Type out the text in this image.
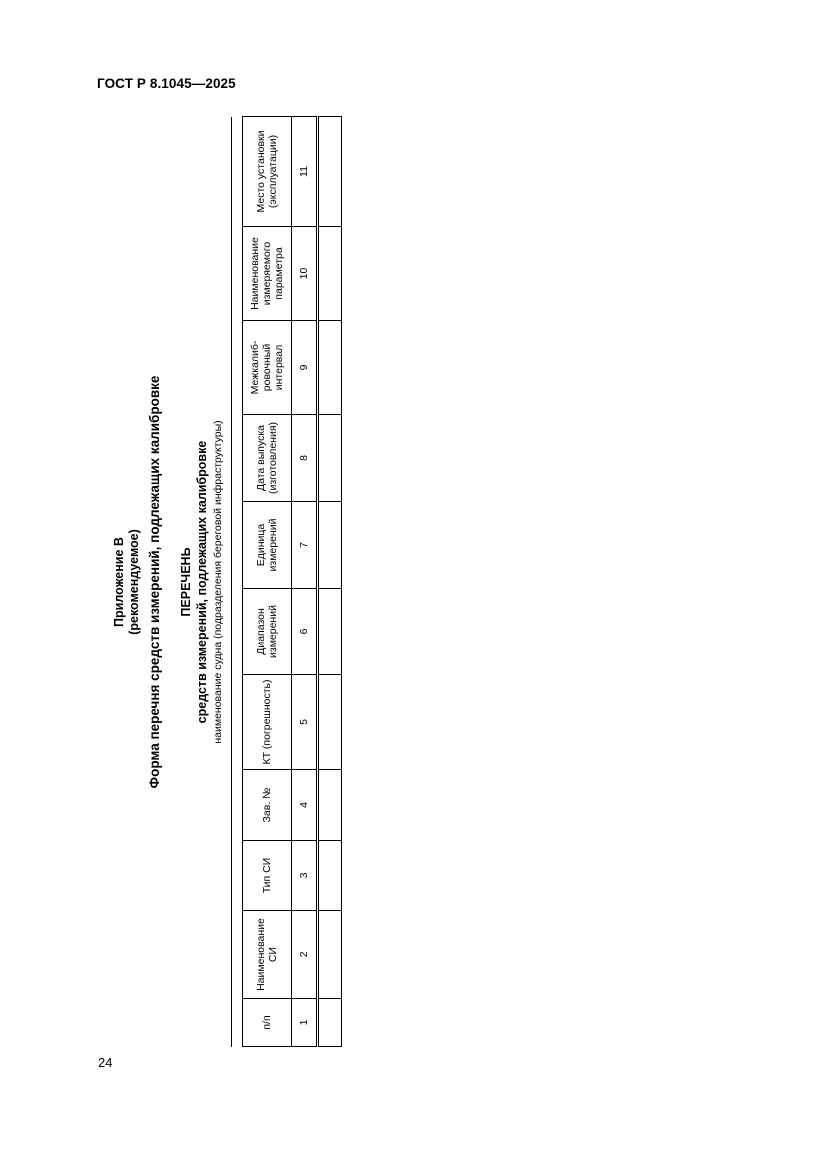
ГОСТ Р 8.1045—2025
Приложение В (рекомендуемое) Форма перечня средств измерений, подлежащих калибровке ПЕРЕЧЕНЬ средств измерений, подлежащих калибровке наименование судна (подразделения береговой инфраструктуры)
п/п	Наименование СИ	Тип СИ	Зав. №	КТ (погрешность)	Диапазон измерений	Единица измерений	Дата выпуска (изготовления)	Межкалиб-ровочный интервал	Наименование измеряемого параметра	Место установки (эксплуатации)
1	2	3	4	5	6	7	8	9	10	11

24
